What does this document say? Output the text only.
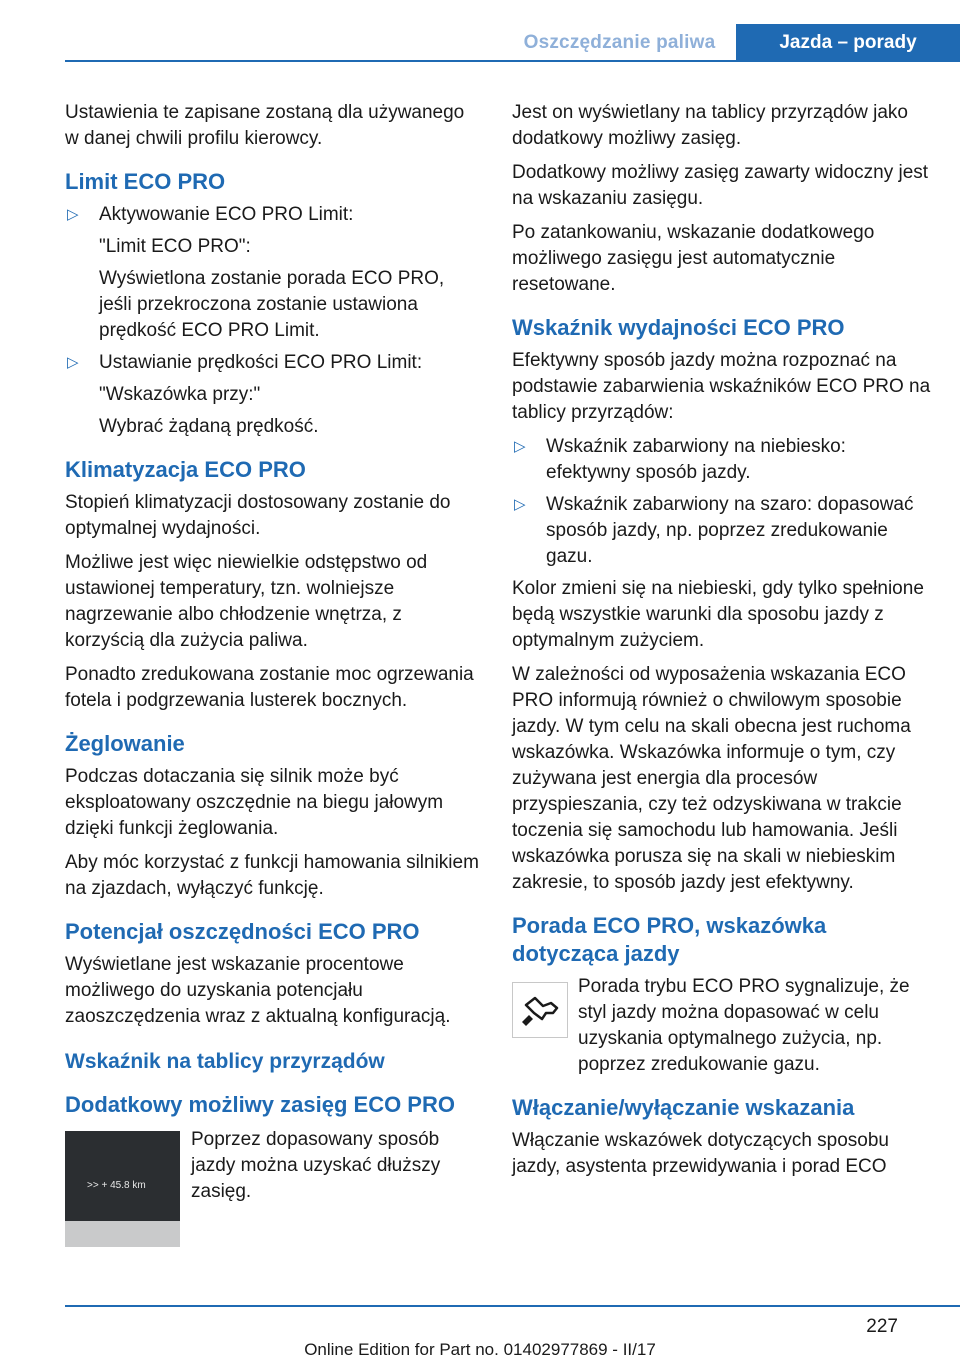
Oszczędzanie paliwa	Jazda – porady

Ustawienia te zapisane zostaną dla używanego w danej chwili profilu kierowcy.

Limit ECO PRO
▷ Aktywowanie ECO PRO Limit:
"Limit ECO PRO":
Wyświetlona zostanie porada ECO PRO, jeśli przekroczona zostanie ustawiona prędkość ECO PRO Limit.
▷ Ustawianie prędkości ECO PRO Limit:
"Wskazówka przy:"
Wybrać żądaną prędkość.
Klimatyzacja ECO PRO

Stopień klimatyzacji dostosowany zostanie do optymalnej wydajności.

Możliwe jest więc niewielkie odstępstwo od ustawionej temperatury, tzn. wolniejsze nagrzewanie albo chłodzenie wnętrza, z korzyścią dla zużycia paliwa.

Ponadto zredukowana zostanie moc ogrzewania fotela i podgrzewania lusterek bocznych.

Żeglowanie

Podczas dotaczania się silnik może być eksploatowany oszczędnie na biegu jałowym dzięki funkcji żeglowania.

Aby móc korzystać z funkcji hamowania silnikiem na zjazdach, wyłączyć funkcję.

Potencjał oszczędności ECO PRO

Wyświetlane jest wskazanie procentowe możliwego do uzyskania potencjału zaoszczędzenia wraz z aktualną konfiguracją.

Wskaźnik na tablicy przyrządów
Dodatkowy możliwy zasięg ECO PRO
>> + 45.8 km

Poprzez dopasowany sposób jazdy można uzyskać dłuższy zasięg.

Jest on wyświetlany na tablicy przyrządów jako dodatkowy możliwy zasięg.

Dodatkowy możliwy zasięg zawarty widoczny jest na wskazaniu zasięgu.

Po zatankowaniu, wskazanie dodatkowego możliwego zasięgu jest automatycznie resetowane.

Wskaźnik wydajności ECO PRO

Efektywny sposób jazdy można rozpoznać na podstawie zabarwienia wskaźników ECO PRO na tablicy przyrządów:

▷ Wskaźnik zabarwiony na niebiesko: efektywny sposób jazdy.
▷ Wskaźnik zabarwiony na szaro: dopasować sposób jazdy, np. poprzez zredukowanie gazu.

Kolor zmieni się na niebieski, gdy tylko spełnione będą wszystkie warunki dla sposobu jazdy z optymalnym zużyciem.

W zależności od wyposażenia wskazania ECO PRO informują również o chwilowym sposobie jazdy. W tym celu na skali obecna jest ruchoma wskazówka. Wskazówka informuje o tym, czy zużywana jest energia dla procesów przyspieszania, czy też odzyskiwana w trakcie toczenia się samochodu lub hamowania. Jeśli wskazówka porusza się na skali w niebieskim zakresie, to sposób jazdy jest efektywny.

Porada ECO PRO, wskazówka dotycząca jazdy

Porada trybu ECO PRO sygnalizuje, że styl jazdy można dopasować w celu uzyskania optymalnego zużycia, np. poprzez zredukowanie gazu.

Włączanie/wyłączanie wskazania

Włączanie wskazówek dotyczących sposobu jazdy, asystenta przewidywania i porad ECO

227
Online Edition for Part no. 01402977869 - II/17
